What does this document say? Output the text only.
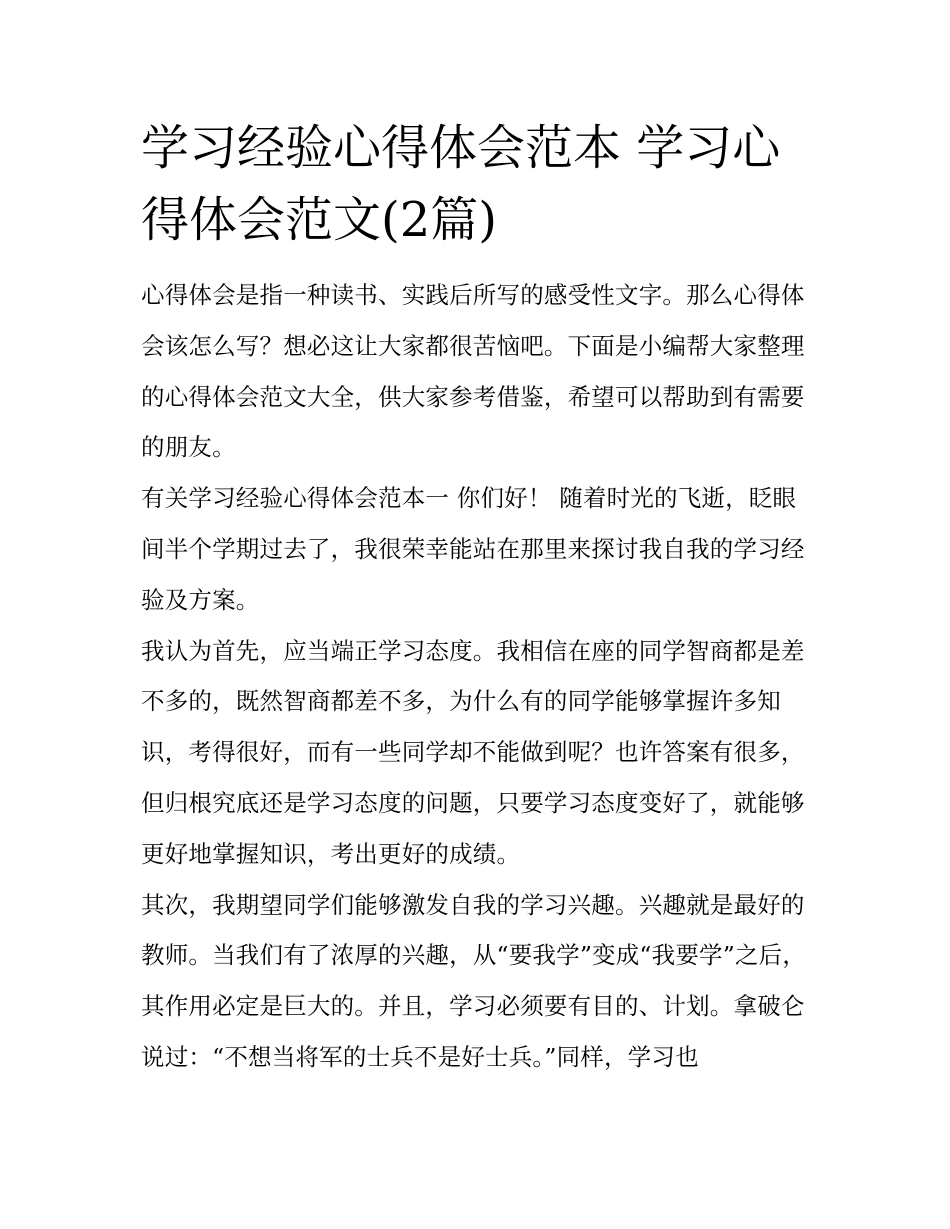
学习经验心得体会范本 学习心得体会范文(2篇)

心得体会是指一种读书、实践后所写的感受性文字。那么心得体会该怎么写？想必这让大家都很苦恼吧。下面是小编帮大家整理的心得体会范文大全，供大家参考借鉴，希望可以帮助到有需要的朋友。

有关学习经验心得体会范本一 你们好！ 随着时光的飞逝，眨眼间半个学期过去了，我很荣幸能站在那里来探讨我自我的学习经验及方案。

我认为首先，应当端正学习态度。我相信在座的同学智商都是差不多的，既然智商都差不多，为什么有的同学能够掌握许多知识，考得很好，而有一些同学却不能做到呢？也许答案有很多，但归根究底还是学习态度的问题，只要学习态度变好了，就能够更好地掌握知识，考出更好的成绩。

其次，我期望同学们能够激发自我的学习兴趣。兴趣就是最好的教师。当我们有了浓厚的兴趣，从“要我学”变成“我要学”之后，其作用必定是巨大的。并且，学习必须要有目的、计划。拿破仑说过：“不想当将军的士兵不是好士兵。”同样，学习也
